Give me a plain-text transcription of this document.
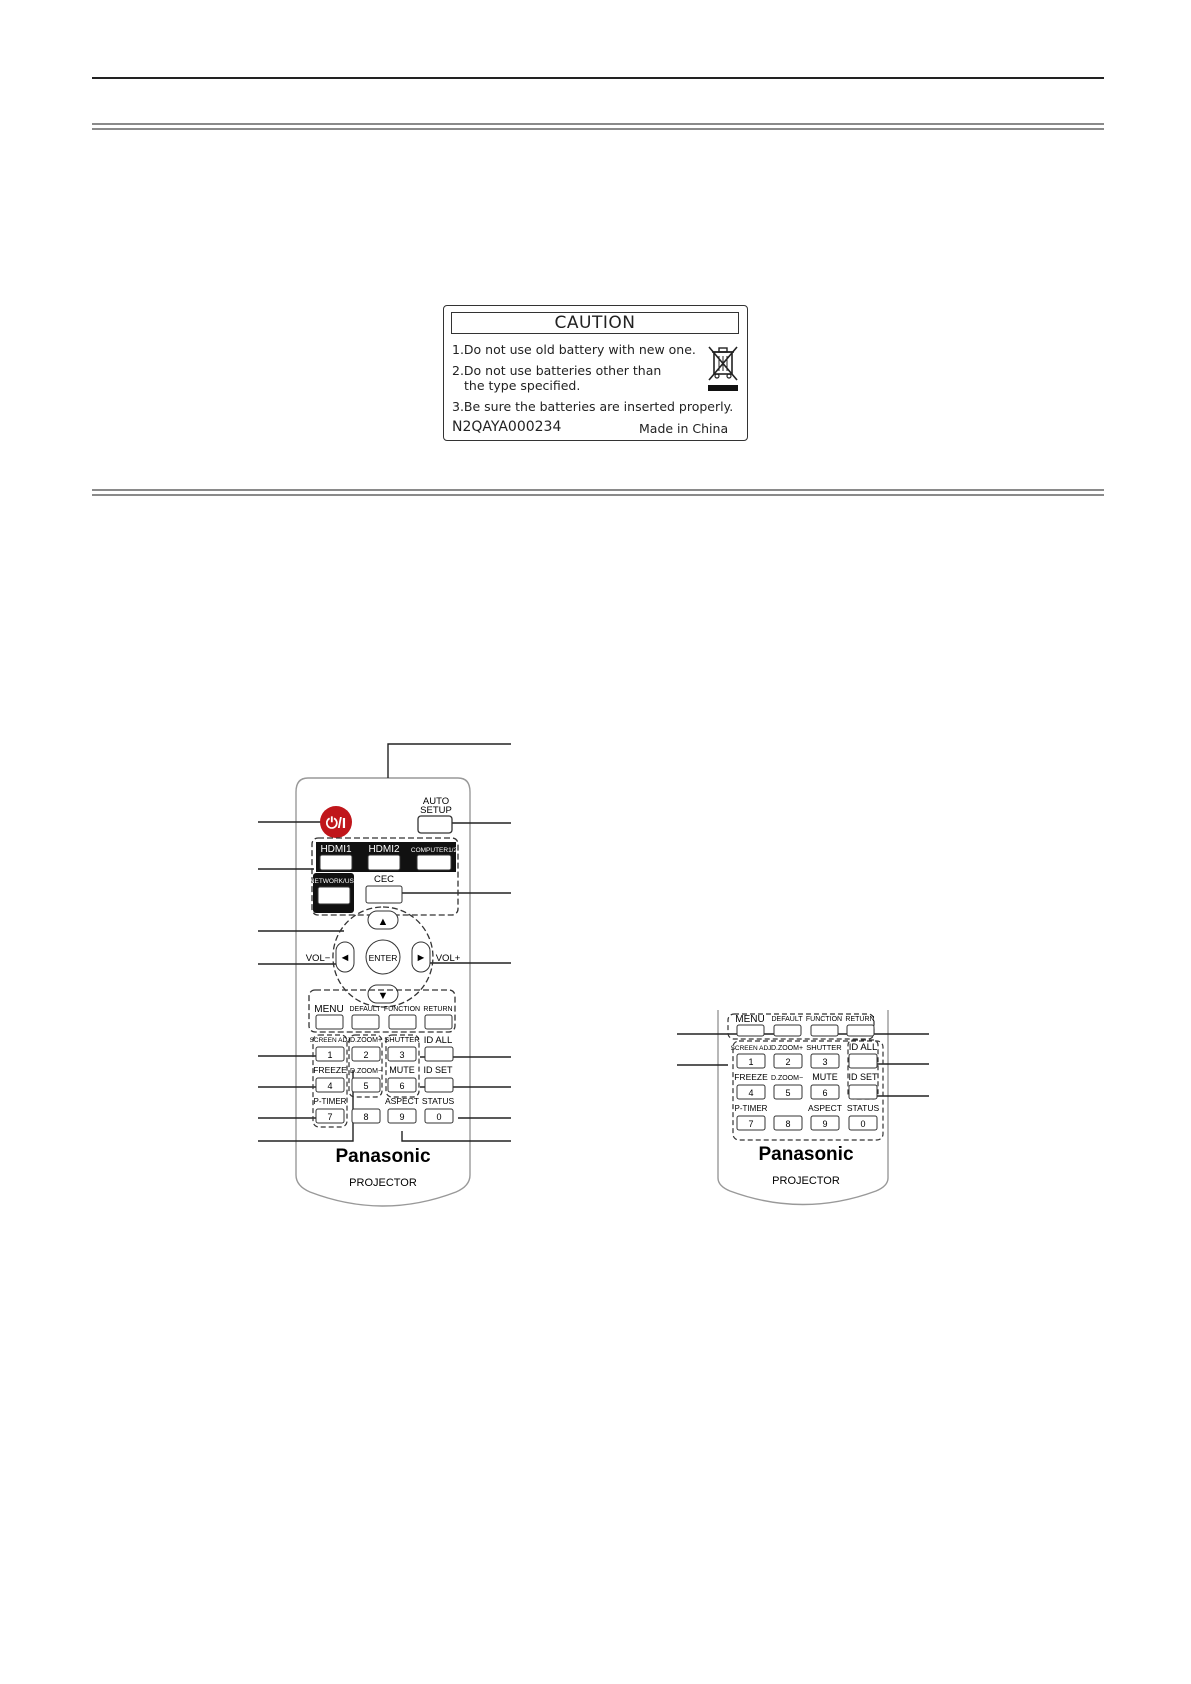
CAUTION
1.Do not use old battery with new one.
2.Do not use batteries other than
the type specified.
3.Be sure the batteries are inserted properly.
N2QAYA000234	Made in China
⏻/I
AUTO
SETUP
HDMI1 HDMI2 COMPUTER1/2
NETWORK/USB CEC
▲
▼
◄	►
ENTER
VOL−	VOL+
MENU DEFAULT FUNCTION RETURN
SCREEN ADJ D.ZOOM+ SHUTTER ID ALL
1	2	3
FREEZE D.ZOOM− MUTE ID SET
4	5	6
P-TIMER	ASPECT STATUS
7	8	9	0
Panasonic
PROJECTOR
MENU DEFAULT FUNCTION RETURN
SCREEN ADJ D.ZOOM+ SHUTTER ID ALL
1	2	3
FREEZE D.ZOOM− MUTE ID SET
4	5	6
P-TIMER	ASPECT STATUS
7	8	9	0
Panasonic
PROJECTOR
